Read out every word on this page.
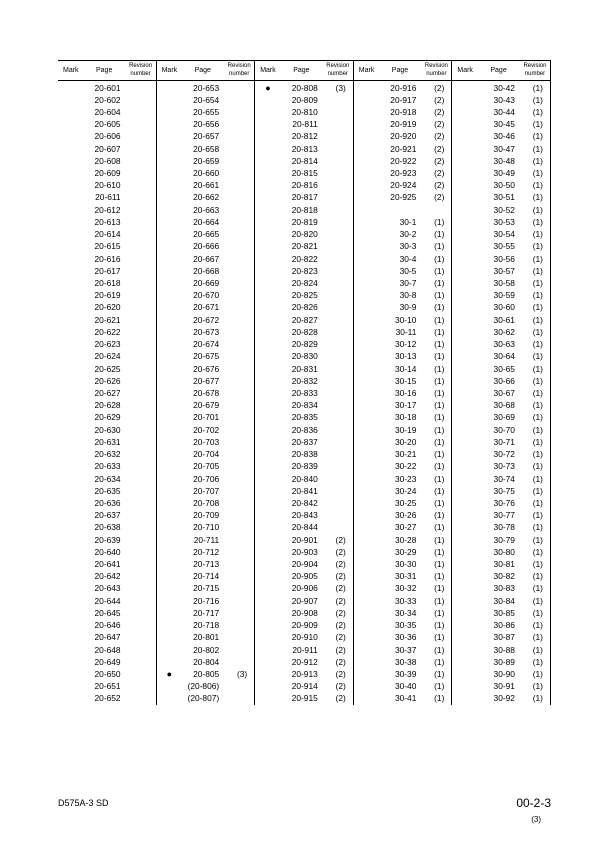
Mark Page
Revision number
20-601
20-602
20-604
20-605
20-606
20-607
20-608
20-609
20-610
20-611
20-612
20-613
20-614
20-615
20-616
20-617
20-618
20-619
20-620
20-621
20-622
20-623
20-624
20-625
20-626
20-627
20-628
20-629
20-630
20-631
20-632
20-633
20-634
20-635
20-636
20-637
20-638
20-639
20-640
20-641
20-642
20-643
20-644
20-645
20-646
20-647
20-648
20-649
20-650
20-651
20-652
Mark Page
Revision number
20-653
20-654
20-655
20-656
20-657
20-658
20-659
20-660
20-661
20-662
20-663
20-664
20-665
20-666
20-667
20-668
20-669
20-670
20-671
20-672
20-673
20-674
20-675
20-676
20-677
20-678
20-679
20-701
20-702
20-703
20-704
20-705
20-706
20-707
20-708
20-709
20-710
20-711
20-712
20-713
20-714
20-715
20-716
20-717
20-718
20-801
20-802
20-804
●	20-805 (3)
(20-806)
(20-807)
Mark Page
Revision number
●	20-808 (3)
20-809
20-810
20-811
20-812
20-813
20-814
20-815
20-816
20-817
20-818
20-819
20-820
20-821
20-822
20-823
20-824
20-825
20-826
20-827
20-828
20-829
20-830
20-831
20-832
20-833
20-834
20-835
20-836
20-837
20-838
20-839
20-840
20-841
20-842
20-843
20-844
20-901 (2)
20-903 (2)
20-904 (2)
20-905 (2)
20-906 (2)
20-907 (2)
20-908 (2)
20-909 (2)
20-910 (2)
20-911 (2)
20-912 (2)
20-913 (2)
20-914 (2)
20-915 (2)
Mark Page
Revision number
20-916 (2)
20-917 (2)
20-918 (2)
20-919 (2)
20-920 (2)
20-921 (2)
20-922 (2)
20-923 (2)
20-924 (2)
20-925 (2)
30-1 (1)
30-2 (1)
30-3 (1)
30-4 (1)
30-5 (1)
30-7 (1)
30-8 (1)
30-9 (1)
30-10 (1)
30-11 (1)
30-12 (1)
30-13 (1)
30-14 (1)
30-15 (1)
30-16 (1)
30-17 (1)
30-18 (1)
30-19 (1)
30-20 (1)
30-21 (1)
30-22 (1)
30-23 (1)
30-24 (1)
30-25 (1)
30-26 (1)
30-27 (1)
30-28 (1)
30-29 (1)
30-30 (1)
30-31 (1)
30-32 (1)
30-33 (1)
30-34 (1)
30-35 (1)
30-36 (1)
30-37 (1)
30-38 (1)
30-39 (1)
30-40 (1)
30-41 (1)
Mark Page
Revision number
30-42 (1)
30-43 (1)
30-44 (1)
30-45 (1)
30-46 (1)
30-47 (1)
30-48 (1)
30-49 (1)
30-50 (1)
30-51 (1)
30-52 (1)
30-53 (1)
30-54 (1)
30-55 (1)
30-56 (1)
30-57 (1)
30-58 (1)
30-59 (1)
30-60 (1)
30-61 (1)
30-62 (1)
30-63 (1)
30-64 (1)
30-65 (1)
30-66 (1)
30-67 (1)
30-68 (1)
30-69 (1)
30-70 (1)
30-71 (1)
30-72 (1)
30-73 (1)
30-74 (1)
30-75 (1)
30-76 (1)
30-77 (1)
30-78 (1)
30-79 (1)
30-80 (1)
30-81 (1)
30-82 (1)
30-83 (1)
30-84 (1)
30-85 (1)
30-86 (1)
30-87 (1)
30-88 (1)
30-89 (1)
30-90 (1)
30-91 (1)
30-92 (1)
D575A-3 SD	00-2-3
(3)
